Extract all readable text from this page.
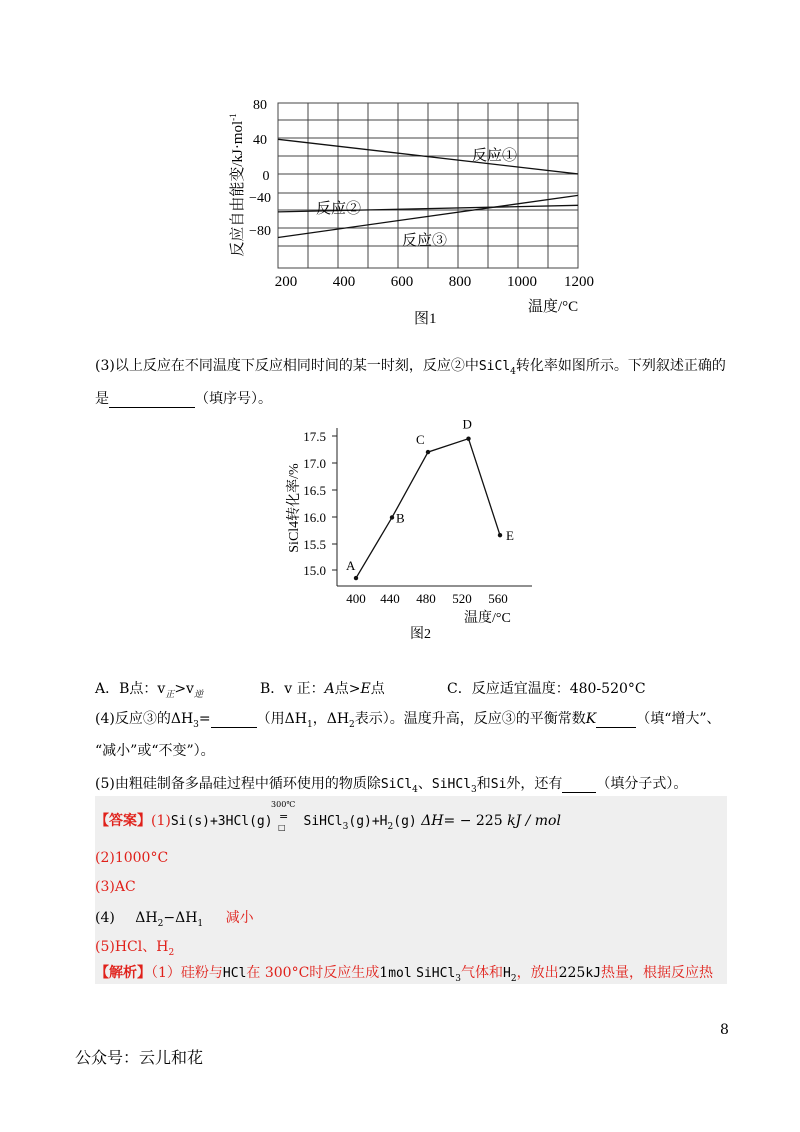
80
40
0
−40
−80
200 400 600 800 1000 1200
反应①
反应②
反应③
反应自由能变/kJ·mol$^{-1}$
温度/°C
图1
(3)以上反应在不同温度下反应相同时间的某一时刻，反应②中SiCl$_4$转化率如图所示。下列叙述正确的
是	（填序号）。
17.5
17.0
16.5
16.0
15.5
15.0
400 440 480 520 560
A
B
C
D
E
SiCl4转化率/%
温度/°C
图2
A．B点：$v_正>v_逆$	B．v 正：A点>E点	C．反应适宜温度：480-520°C
(4)反应③的$\Delta H_3=$	（用$\Delta H_1$，$\Delta H_2$表示）。温度升高，反应③的平衡常数K	（填“增大”、
“减小”或“不变”）。
(5)由粗硅制备多晶硅过程中循环使用的物质除SiCl$_4$、SiHCl$_3$和Si外，还有 （填分子式）。
【答案】(1)Si(s)+3HCl(g)
300℃
=
□ $SiHCl_3(g)+H_2(g) \Delta H= - 225$ kJ / mol
(2)1000°C
(3)AC
(4) $\Delta H_2-\Delta H_1$ 减小
(5)HCl、$H_2$
【解析】（1）硅粉与HCl在 300°C时反应生成1mol SiHCl$_3$气体和$H_2$，放出225kJ热量，根据反应热
8
公众号：云儿和花
